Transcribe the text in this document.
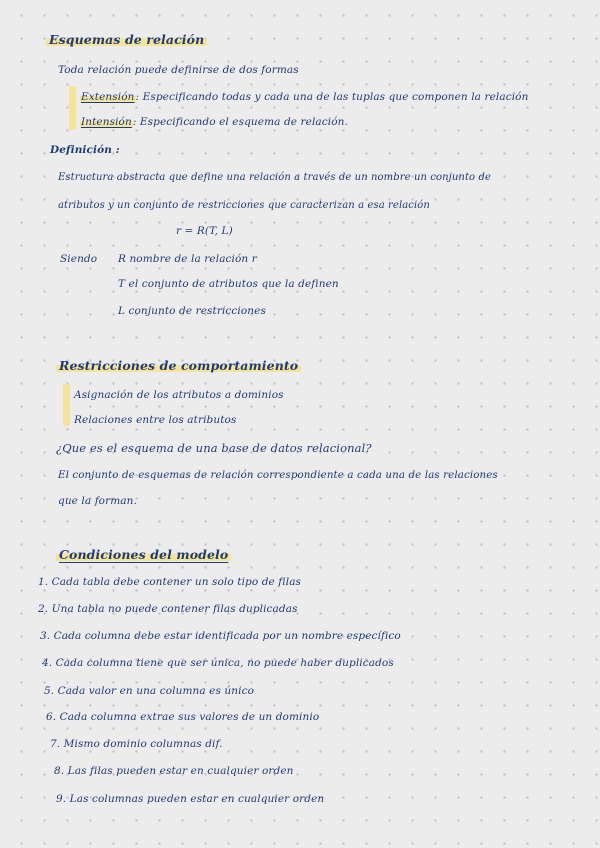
Esquemas de relación
Toda relación puede definirse de dos formas
Extensión: Especificando todas y cada una de las tuplas que componen la relación
Intensión: Especificando el esquema de relación.
Definición :
Estructura abstracta que define una relación a través de un nombre un conjunto de
atributos y un conjunto de restricciones que caracterizan a esa relación
r = R(T, L)
Siendo R nombre de la relación r
T el conjunto de atributos que la definen
L conjunto de restricciones
Restricciones de comportamiento
Asignación de los atributos a dominios
Relaciones entre los atributos
¿Que es el esquema de una base de datos relacional?
El conjunto de esquemas de relación correspondiente a cada una de las relaciones
que la forman.
Condiciones del modelo
1. Cada tabla debe contener un solo tipo de filas
2. Una tabla no puede contener filas duplicadas
3. Cada columna debe estar identificada por un nombre específico
4. Cada columna tiene que ser única, no puede haber duplicados
5. Cada valor en una columna es único
6. Cada columna extrae sus valores de un dominio
7. Mismo dominio columnas dif.
8. Las filas pueden estar en cualquier orden
9. Las columnas pueden estar en cualquier orden
